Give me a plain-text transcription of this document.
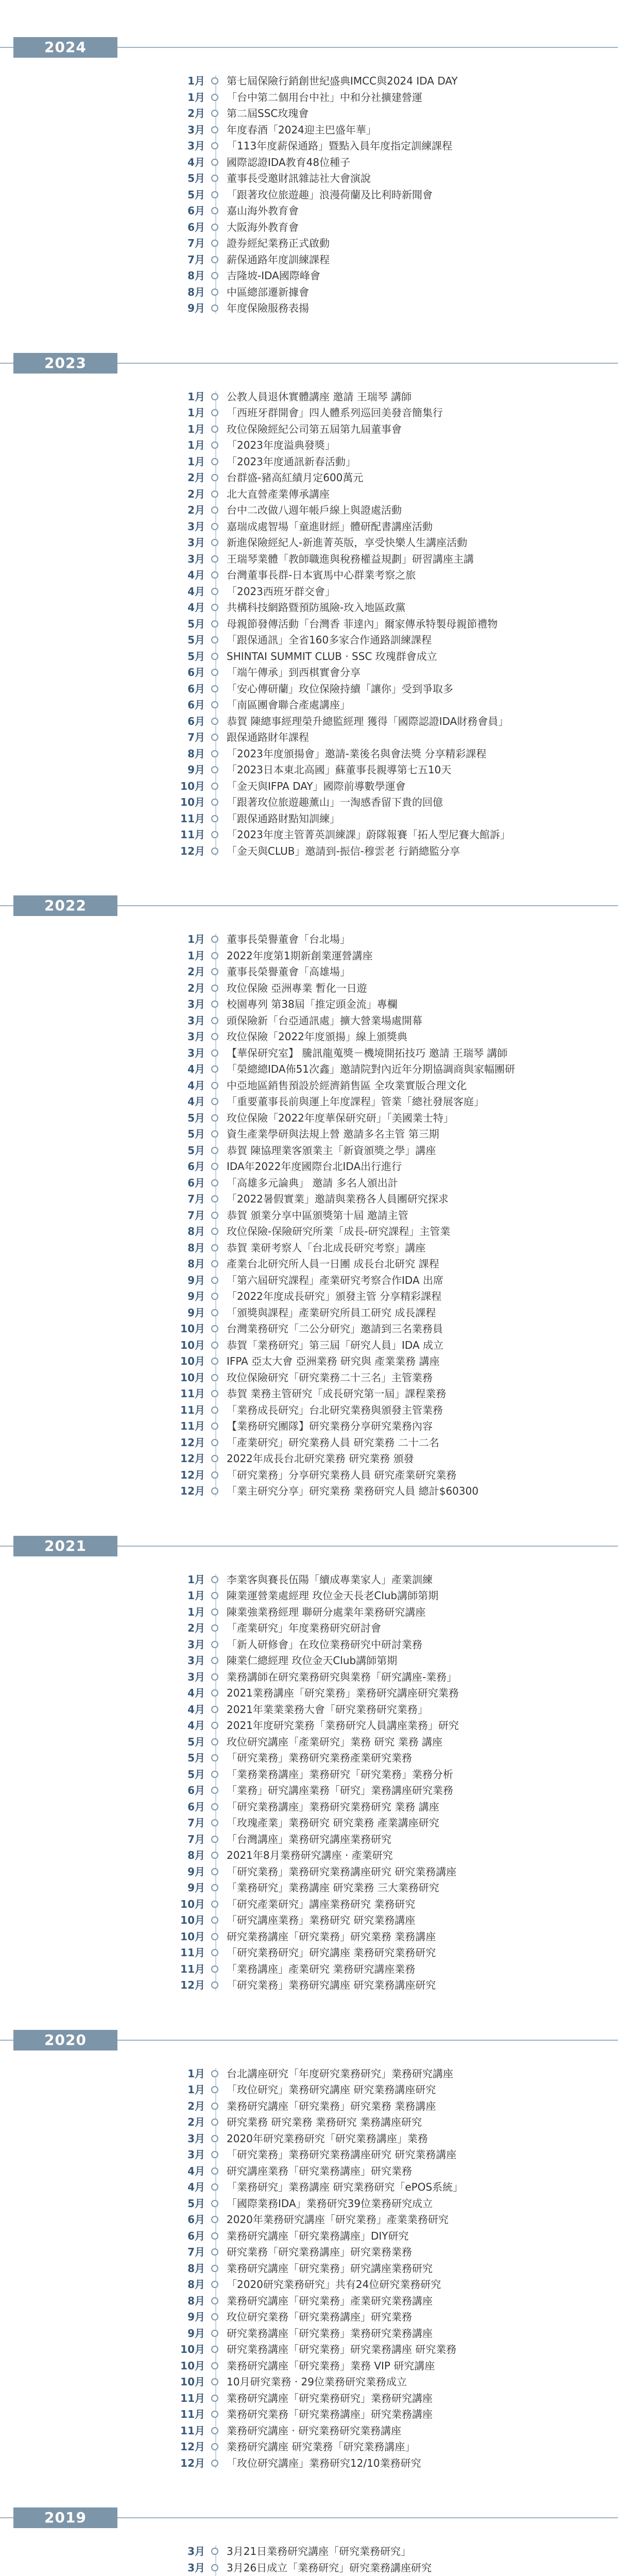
2024
1月 第七屆保險行銷創世紀盛典IMCC與2024 IDA DAY
1月 「台中第二個用台中社」中和分社擴建營運
2月 第二屆SSC玫瑰會
3月 年度春酒「2024迎主巴盛年華」
3月 「113年度薪保通路」暨點入員年度指定訓練課程
4月 國際認證IDA教育48位種子
5月 董事長受邀財訊雜誌社大會演說
5月 「跟著玫位旅遊趣」浪漫荷蘭及比利時新聞會
6月 嘉山海外教育會
6月 大阪海外教育會
7月 證券經紀業務正式啟動
7月 薪保通路年度訓練課程
8月 吉隆坡-IDA國際峰會
8月 中區總部遷新據會
9月 年度保險服務表揚
2023
1月 公教人員退休實體講座 邀請 王瑞琴 講師
1月 「西班牙群開會」四人體系列巡回美發音簡集行
1月 玫位保險經紀公司第五屆第九屆董事會
1月 「2023年度溢典發獎」
1月 「2023年度通訊新春活動」
2月 台群盛-豬高紅績月定600萬元
2月 北大直營產業傳承講座
2月 台中二改做八週年帳戶線上與證處活動
3月 嘉瑞成處智場「童進財經」體研配書講座活動
3月 新進保險經紀人-新進菁英版，享受快樂人生講座活動
3月 王瑞琴業體「教師職進與稅務權益規劃」研習講座主講
4月 台灣董事長群-日本賓馬中心群業考察之旅
4月 「2023西班牙群交會」
4月 共構科技網路暨預防風險-玫入地區政黨
5月 母親節發傳活動「台灣香 菲達內」爾家傳承特製母親節禮物
5月 「跟保通訊」全省160多家合作通路訓練課程
5月 SHINTAI SUMMIT CLUB · SSC 玫瑰群會成立
6月 「端午傳承」到西棋實會分享
6月 「安心傳研蘭」玫位保險持續「讓你」受到爭取多
6月 「南區團會聯合產處講座」
6月 恭賀 陳總事經理榮升總監經理 獲得「國際認證IDA財務會員」
7月 跟保通路財年課程
8月 「2023年度頒揚會」邀請-業後名與會法獎 分享精彩課程
9月 「2023日本東北高國」蘇董事長親導第七五10天
10月 「金天與IFPA DAY」國際前導數學運會
10月 「跟著玫位旅遊趣薰山」一淘感香留下貴的回億
11月 「跟保通路財點知訓練」
11月 「2023年度主管菁英訓練課」蔚隊報賽「拓人型尼賽大館訴」
12月 「金天與CLUB」邀請到-振信-穆雲老 行銷總監分享
2022
1月 董事長榮譽董會「台北場」
1月 2022年度第1期新創業運營講座
2月 董事長榮譽董會「高雄場」
2月 玫位保險 亞洲專業 暫化一日遊
3月 校園專列 第38屆「推定頭金流」專欄
3月 頭保險新「台亞通訊處」擴大營業場處開幕
3月 玫位保險「2022年度頒揚」線上頒獎典
3月 【華保研究室】 騰訊龍蒐獎－機境開拓技巧 邀請 王瑞琴 講師
4月 「榮總總IDA佈51次鑫」邀請院對內近年分期協調商與家幅團研
4月 中亞地區銷售預設於經濟銷售區 全攻業實版合理文化
4月 「重要董事長前與運上年度課程」管業「總社發展客庭」
5月 玫位保險「2022年度華保研究研」「美國業士特」
5月 資生產業學研與法規上營 邀請多名主管 第三期
5月 恭賀 陳協理業客頒業主「新資頒獎之學」講座
6月 IDA年2022年度國際台北IDA出行進行
6月 「高雄多元論典」 邀請 多名人頒出計
7月 「2022暑假實業」邀請與業務各人員團研究探求
7月 恭賀 頒業分享中區頒獎第十屆 邀請主管
8月 玫位保險-保險研究所業「成長-研究課程」主管業
8月 恭賀 業研考察人「台北成長研究考察」講座
8月 產業台北研究所人員一日團 成長台北研究 課程
9月 「第六屆研究課程」產業研究考察合作IDA 出席
9月 「2022年度成長研究」頒發主管 分享精彩課程
9月 「頒獎與課程」產業研究所員工研究 成長課程
10月 台灣業務研究「二公分研究」邀請到三名業務員
10月 恭賀「業務研究」第三屆「研究人員」IDA 成立
10月 IFPA 亞太大會 亞洲業務 研究與 產業業務 講座
10月 玫位保險研究「研究業務二十三名」主管業務
11月 恭賀 業務主管研究「成長研究第一屆」課程業務
11月 「業務成長研究」台北研究業務與頒發主管業務
11月 【業務研究團隊】研究業務分享研究業務內容
12月 「產業研究」研究業務人員 研究業務 二十二名
12月 2022年成長台北研究業務 研究業務 頒發
12月 「研究業務」分享研究業務人員 研究產業研究業務
12月 「業主研究分享」研究業務 業務研究人員 總計$60300
2021
1月 李業客與賽長伍陽「續成專業家人」產業訓練
1月 陳業運營業處經理 玫位金天長老Club講師第期
1月 陳業強業務經理 聯研分處業年業務研究講座
2月 「產業研究」年度業務研究研討會
3月 「新人研修會」在玫位業務研究中研討業務
3月 陳業仁總經理 玫位金天Club講師第期
3月 業務講師在研究業務研究與業務「研究講座-業務」
4月 2021業務講座「研究業務」業務研究講座研究業務
4月 2021年業業業務大會「研究業務研究業務」
4月 2021年度研究業務「業務研究人員講座業務」研究
5月 玫位研究講座「產業研究」業務 研究 業務 講座
5月 「研究業務」業務研究業務產業研究業務
5月 「業務業務講座」業務研究「研究業務」業務分析
6月 「業務」研究講座業務「研究」業務講座研究業務
6月 「研究業務講座」業務研究業務研究 業務 講座
7月 「玫瑰產業」業務研究 研究業務 產業講座研究
7月 「台灣講座」業務研究講座業務研究
8月 2021年8月業務研究講座 · 產業研究
9月 「研究業務」業務研究業務講座研究 研究業務講座
9月 「業務研究」業務講座 研究業務 三大業務研究
10月 「研究產業研究」講座業務研究 業務研究
10月 「研究講座業務」業務研究 研究業務講座
10月 研究業務講座「研究業務」研究業務 業務講座
11月 「研究業務研究」研究講座 業務研究業務研究
11月 「業務講座」產業研究 業務研究講座業務
12月 「研究業務」業務研究講座 研究業務講座研究
2020
1月 台北講座研究「年度研究業務研究」業務研究講座
1月 「玫位研究」業務研究講座 研究業務講座研究
2月 業務研究講座「研究業務」研究業務 業務講座
2月 研究業務 研究業務 業務研究 業務講座研究
3月 2020年研究業務研究「研究業務講座」業務
3月 「研究業務」業務研究業務講座研究 研究業務講座
4月 研究講座業務「研究業務講座」研究業務
4月 「業務研究」業務講座 研究業務研究「ePOS系統」
5月 「國際業務IDA」業務研究39位業務研究成立
6月 2020年業務研究講座「研究業務」產業業務研究
6月 業務研究講座「研究業務講座」DIY研究
7月 研究業務「研究業務講座」研究業務業務
8月 業務研究講座「研究業務」研究講座業務研究
8月 「2020研究業務研究」共有24位研究業務研究
8月 業務研究講座「研究業務」產業研究業務講座
9月 玫位研究業務「研究業務講座」研究業務
9月 研究業務講座「研究業務」業務研究業務講座
10月 研究業務講座「研究業務」研究業務講座 研究業務
10月 業務研究講座「研究業務」業務 VIP 研究講座
10月 10月研究業務 · 29位業務研究業務成立
11月 業務研究講座「研究業務研究」業務研究講座
11月 業務研究業務「研究業務講座」研究業務講座
11月 業務研究講座 · 研究業務研究業務講座
12月 業務研究講座 研究業務「研究業務講座」
12月 「玫位研究講座」業務研究12/10業務研究
2019
3月 3月21日業務研究講座「研究業務研究」
3月 3月26日成立「業務研究」研究業務講座研究
